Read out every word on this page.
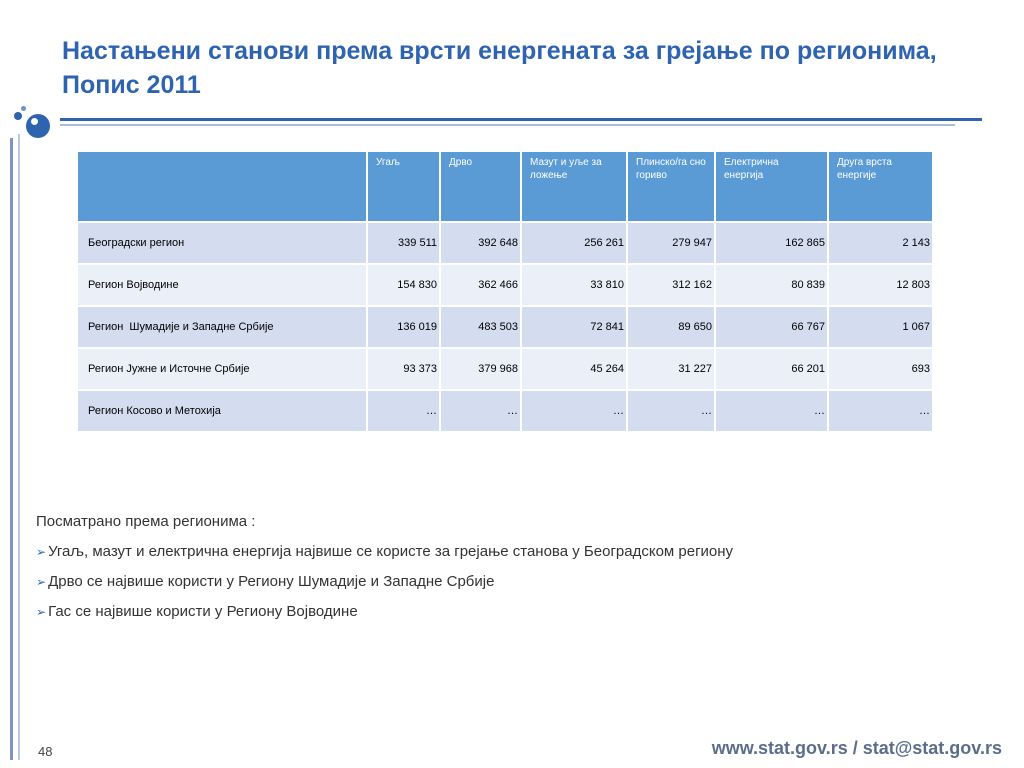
Настањени станови према врсти енергената за грејање по регионима, Попис 2011
	Угаљ	Дрво	Мазут и уље за ложење	Плинско/га сно гориво	Електрична енергија	Друга врста енергије
Београдски регион	339 511	392 648	256 261	279 947	162 865	2 143
Регион Војводине	154 830	362 466	33 810	312 162	80 839	12 803
Регион  Шумадије и Западне Србије	136 019	483 503	72 841	89 650	66 767	1 067
Регион Јужне и Источне Србије	93 373	379 968	45 264	31 227	66 201	693
Регион Косово и Метохија	…	…	…	…	…	…

Посматрано према регионима :

➢ Угаљ, мазут и електрична енергија највише се користе за грејање станова у Београдском региону

➢ Дрво се највише користи у Региону Шумадије и Западне Србије

➢ Гас се највише користи у Региону Војводине

48	www.stat.gov.rs / stat@stat.gov.rs
